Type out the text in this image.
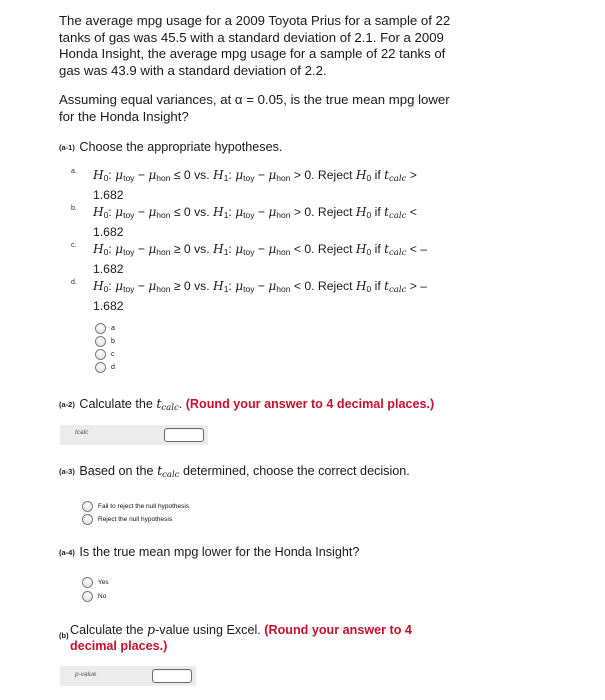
The average mpg usage for a 2009 Toyota Prius for a sample of 22
tanks of gas was 45.5 with a standard deviation of 2.1. For a 2009
Honda Insight, the average mpg usage for a sample of 22 tanks of
gas was 43.9 with a standard deviation of 2.2.
Assuming equal variances, at α = 0.05, is the true mean mpg lower
for the Honda Insight?
(a-1) Choose the appropriate hypotheses.
a.	H0: μtoy − μhon ≤ 0 vs. H1: μtoy − μhon > 0. Reject H0 if $t_{calc}$ >
1.682
b.	H0: μtoy − μhon ≤ 0 vs. H1: μtoy − μhon > 0. Reject H0 if $t_{calc}$ <
1.682
c.	H0: μtoy − μhon ≥ 0 vs. H1: μtoy − μhon < 0. Reject H0 if $t_{calc}$ < –
1.682
d.	H0: μtoy − μhon ≥ 0 vs. H1: μtoy − μhon < 0. Reject H0 if $t_{calc}$ > –
1.682
a
b
c
d
(a-2) Calculate the $t_{calc}$. (Round your answer to 4 decimal places.)
tcalc
(a-3) Based on the $t_{calc}$ determined, choose the correct decision.
Fail to reject the null hypothesis
Reject the null hypothesis
(a-4) Is the true mean mpg lower for the Honda Insight?
Yes
No
(b) Calculate the p-value using Excel. (Round your answer to 4
decimal places.)
p-value
